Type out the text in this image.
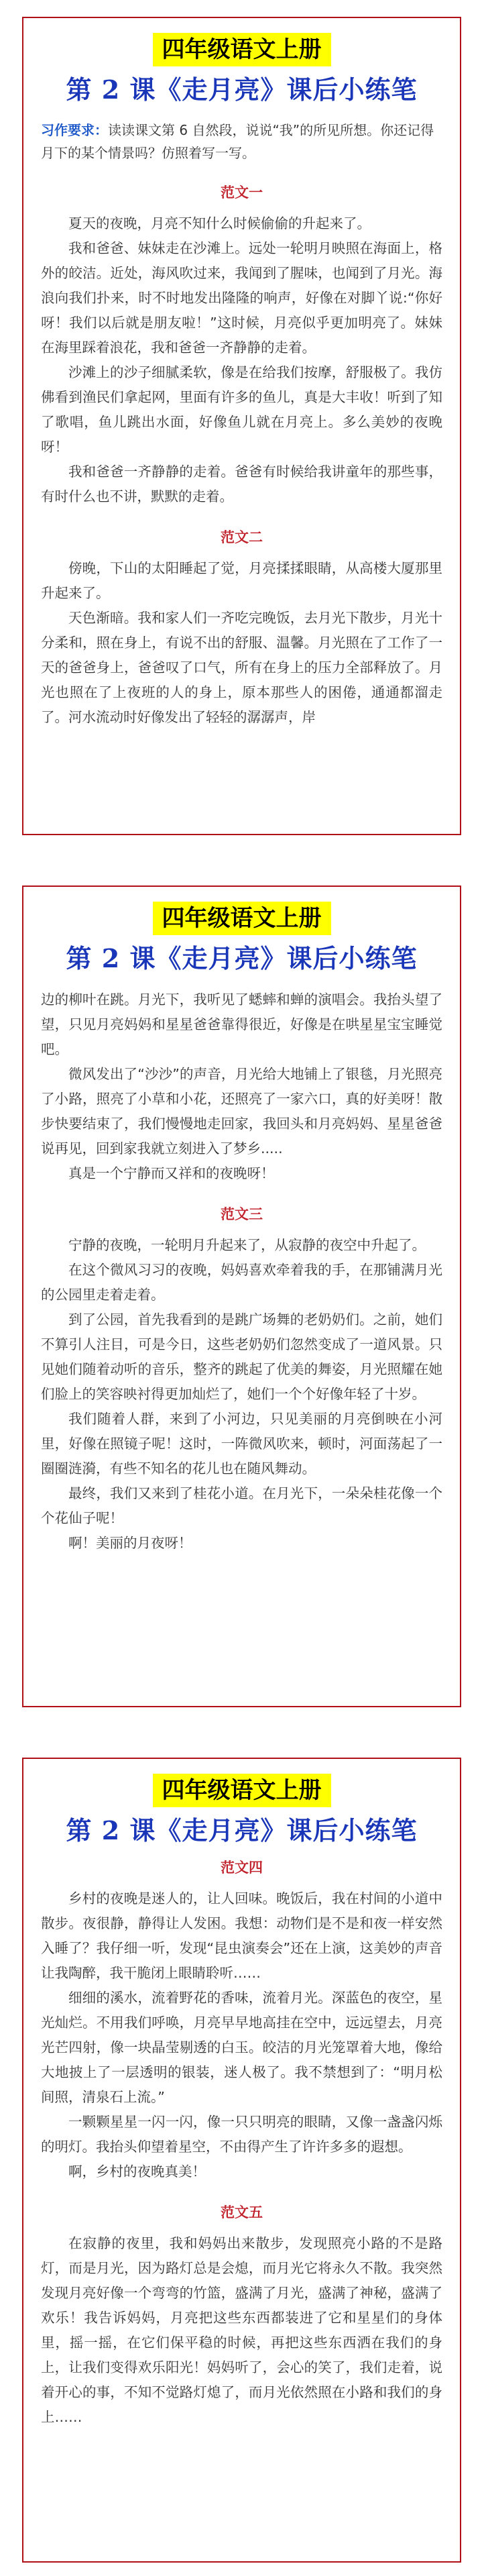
四年级语文上册
第 2 课《走月亮》课后小练笔
习作要求：读读课文第 6 自然段，说说“我”的所见所想。你还记得月下的某个情景吗？仿照着写一写。
范文一

夏天的夜晚，月亮不知什么时候偷偷的升起来了。

我和爸爸、妹妹走在沙滩上。远处一轮明月映照在海面上，格外的皎洁。近处，海风吹过来，我闻到了腥味，也闻到了月光。海浪向我们扑来，时不时地发出隆隆的响声，好像在对脚丫说:“你好呀！我们以后就是朋友啦！”这时候，月亮似乎更加明亮了。妹妹在海里踩着浪花，我和爸爸一齐静静的走着。

沙滩上的沙子细腻柔软，像是在给我们按摩，舒服极了。我仿佛看到渔民们拿起网，里面有许多的鱼儿，真是大丰收！听到了知了歌唱，鱼儿跳出水面，好像鱼儿就在月亮上。多么美妙的夜晚呀！

我和爸爸一齐静静的走着。爸爸有时候给我讲童年的那些事，有时什么也不讲，默默的走着。

范文二

傍晚，下山的太阳睡起了觉，月亮揉揉眼睛，从高楼大厦那里升起来了。

天色渐暗。我和家人们一齐吃完晚饭，去月光下散步，月光十分柔和，照在身上，有说不出的舒服、温馨。月光照在了工作了一天的爸爸身上，爸爸叹了口气，所有在身上的压力全部释放了。月光也照在了上夜班的人的身上，原本那些人的困倦，通通都溜走了。河水流动时好像发出了轻轻的潺潺声，岸

四年级语文上册
第 2 课《走月亮》课后小练笔

边的柳叶在跳。月光下，我听见了蟋蟀和蝉的演唱会。我抬头望了望，只见月亮妈妈和星星爸爸靠得很近，好像是在哄星星宝宝睡觉吧。

微风发出了“沙沙”的声音，月光给大地铺上了银毯，月光照亮了小路，照亮了小草和小花，还照亮了一家六口，真的好美呀！散步快要结束了，我们慢慢地走回家，我回头和月亮妈妈、星星爸爸说再见，回到家我就立刻进入了梦乡.....

真是一个宁静而又祥和的夜晚呀！

范文三

宁静的夜晚，一轮明月升起来了，从寂静的夜空中升起了。

在这个微风习习的夜晚，妈妈喜欢牵着我的手，在那铺满月光的公园里走着走着。

到了公园，首先我看到的是跳广场舞的老奶奶们。之前，她们不算引人注目，可是今日，这些老奶奶们忽然变成了一道风景。只见她们随着动听的音乐，整齐的跳起了优美的舞姿，月光照耀在她们脸上的笑容映衬得更加灿烂了，她们一个个好像年轻了十岁。

我们随着人群，来到了小河边，只见美丽的月亮倒映在小河里，好像在照镜子呢！这时，一阵微风吹来，顿时，河面荡起了一圈圈涟漪，有些不知名的花儿也在随风舞动。

最终，我们又来到了桂花小道。在月光下，一朵朵桂花像一个个花仙子呢！

啊！美丽的月夜呀！

四年级语文上册
第 2 课《走月亮》课后小练笔
范文四

乡村的夜晚是迷人的，让人回味。晚饭后，我在村间的小道中散步。夜很静，静得让人发困。我想：动物们是不是和夜一样安然入睡了？我仔细一听，发现“昆虫演奏会”还在上演，这美妙的声音让我陶醉，我干脆闭上眼睛聆听……

细细的溪水，流着野花的香味，流着月光。深蓝色的夜空，星光灿烂。不用我们呼唤，月亮早早地高挂在空中，远远望去，月亮光芒四射，像一块晶莹剔透的白玉。皎洁的月光笼罩着大地，像给大地披上了一层透明的银装，迷人极了。我不禁想到了：“明月松间照，清泉石上流。”

一颗颗星星一闪一闪，像一只只明亮的眼睛，又像一盏盏闪烁的明灯。我抬头仰望着星空，不由得产生了许许多多的遐想。

啊，乡村的夜晚真美！

范文五

在寂静的夜里，我和妈妈出来散步，发现照亮小路的不是路灯，而是月光，因为路灯总是会熄，而月光它将永久不散。我突然发现月亮好像一个弯弯的竹篮，盛满了月光，盛满了神秘，盛满了欢乐！我告诉妈妈，月亮把这些东西都装进了它和星星们的身体里，摇一摇，在它们保平稳的时候，再把这些东西洒在我们的身上，让我们变得欢乐阳光！妈妈听了，会心的笑了，我们走着，说着开心的事，不知不觉路灯熄了，而月光依然照在小路和我们的身上……
